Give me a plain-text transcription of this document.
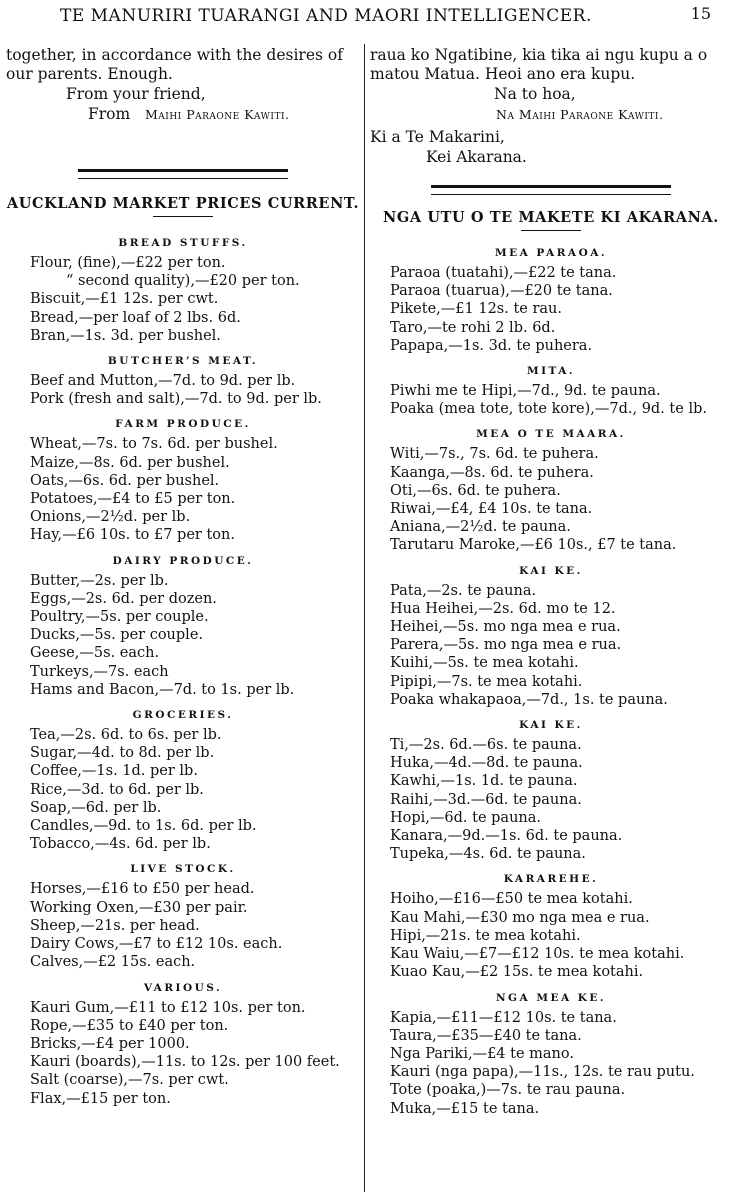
TE MANURIRI TUARANGI AND MAORI INTELLIGENCER.	15

together, in accordance with the desires of

our parents. Enough.

From your friend,

From Maihi Paraone Kawiti.

AUCKLAND MARKET PRICES CURRENT.

BREAD STUFFS.

Flour, (fine),—£22 per ton.

“ second quality),—£20 per ton.

Biscuit,—£1 12s. per cwt.

Bread,—per loaf of 2 lbs. 6d.

Bran,—1s. 3d. per bushel.

BUTCHER’S MEAT.

Beef and Mutton,—7d. to 9d. per lb.

Pork (fresh and salt),—7d. to 9d. per lb.

FARM PRODUCE.

Wheat,—7s. to 7s. 6d. per bushel.

Maize,—8s. 6d. per bushel.

Oats,—6s. 6d. per bushel.

Potatoes,—£4 to £5 per ton.

Onions,—2½d. per lb.

Hay,—£6 10s. to £7 per ton.

DAIRY PRODUCE.

Butter,—2s. per lb.

Eggs,—2s. 6d. per dozen.

Poultry,—5s. per couple.

Ducks,—5s. per couple.

Geese,—5s. each.

Turkeys,—7s. each

Hams and Bacon,—7d. to 1s. per lb.

GROCERIES.

Tea,—2s. 6d. to 6s. per lb.

Sugar,—4d. to 8d. per lb.

Coffee,—1s. 1d. per lb.

Rice,—3d. to 6d. per lb.

Soap,—6d. per lb.

Candles,—9d. to 1s. 6d. per lb.

Tobacco,—4s. 6d. per lb.

LIVE STOCK.

Horses,—£16 to £50 per head.

Working Oxen,—£30 per pair.

Sheep,—21s. per head.

Dairy Cows,—£7 to £12 10s. each.

Calves,—£2 15s. each.

VARIOUS.

Kauri Gum,—£11 to £12 10s. per ton.

Rope,—£35 to £40 per ton.

Bricks,—£4 per 1000.

Kauri (boards),—11s. to 12s. per 100 feet.

Salt (coarse),—7s. per cwt.

Flax,—£15 per ton.

raua ko Ngatibine, kia tika ai ngu kupu a o

matou Matua. Heoi ano era kupu.

Na to hoa,

Na Maihi Paraone Kawiti.

Ki a Te Makarini,

Kei Akarana.

NGA UTU O TE MAKETE KI AKARANA.

MEA PARAOA.

Paraoa (tuatahi),—£22 te tana.

Paraoa (tuarua),—£20 te tana.

Pikete,—£1 12s. te rau.

Taro,—te rohi 2 lb. 6d.

Papapa,—1s. 3d. te puhera.

MITA.

Piwhi me te Hipi,—7d., 9d. te pauna.

Poaka (mea tote, tote kore),—7d., 9d. te lb.

MEA O TE MAARA.

Witi,—7s., 7s. 6d. te puhera.

Kaanga,—8s. 6d. te puhera.

Oti,—6s. 6d. te puhera.

Riwai,—£4, £4 10s. te tana.

Aniana,—2½d. te pauna.

Tarutaru Maroke,—£6 10s., £7 te tana.

KAI KE.

Pata,—2s. te pauna.

Hua Heihei,—2s. 6d. mo te 12.

Heihei,—5s. mo nga mea e rua.

Parera,—5s. mo nga mea e rua.

Kuihi,—5s. te mea kotahi.

Pipipi,—7s. te mea kotahi.

Poaka whakapaoa,—7d., 1s. te pauna.

KAI KE.

Ti,—2s. 6d.—6s. te pauna.

Huka,—4d.—8d. te pauna.

Kawhi,—1s. 1d. te pauna.

Raihi,—3d.—6d. te pauna.

Hopi,—6d. te pauna.

Kanara,—9d.—1s. 6d. te pauna.

Tupeka,—4s. 6d. te pauna.

KARAREHE.

Hoiho,—£16—£50 te mea kotahi.

Kau Mahi,—£30 mo nga mea e rua.

Hipi,—21s. te mea kotahi.

Kau Waiu,—£7—£12 10s. te mea kotahi.

Kuao Kau,—£2 15s. te mea kotahi.

NGA MEA KE.

Kapia,—£11—£12 10s. te tana.

Taura,—£35—£40 te tana.

Nga Pariki,—£4 te mano.

Kauri (nga papa),—11s., 12s. te rau putu.

Tote (poaka,)—7s. te rau pauna.

Muka,—£15 te tana.
